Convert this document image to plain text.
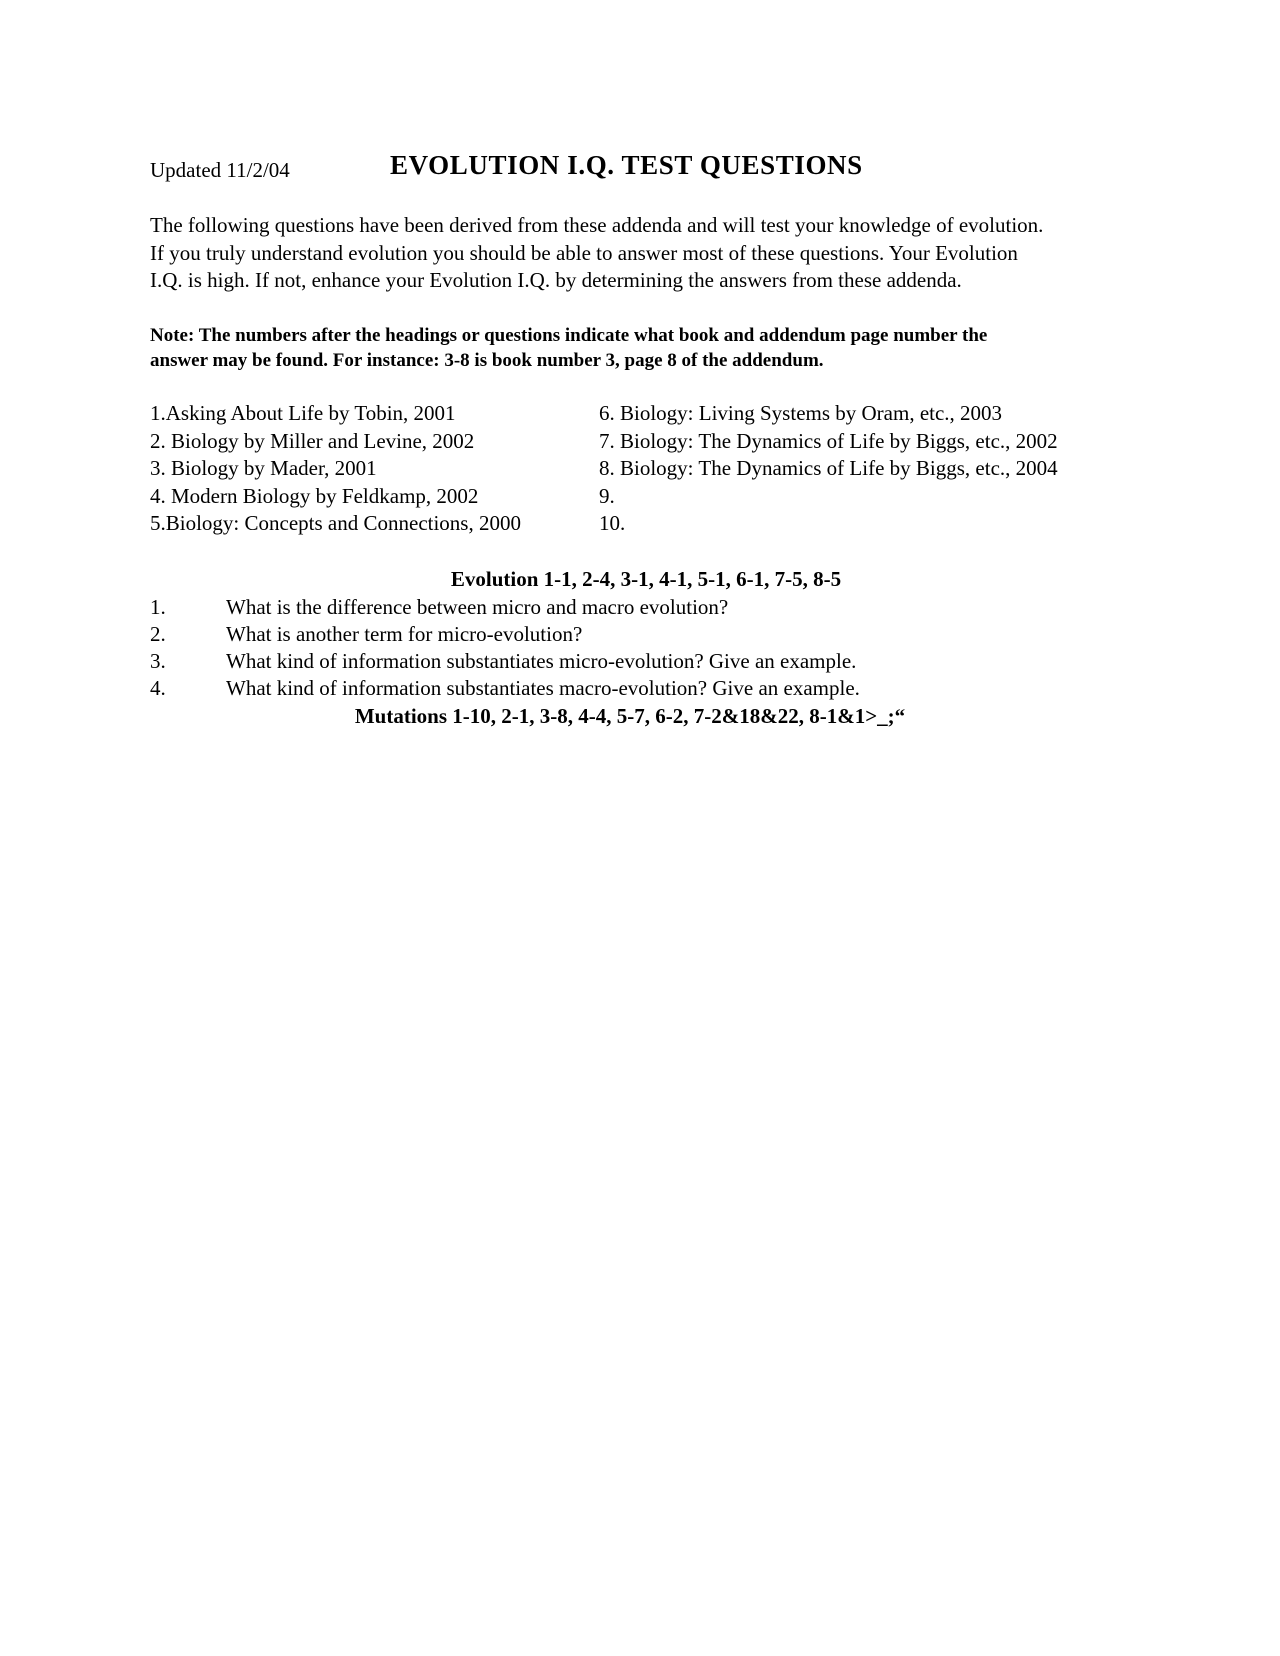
Updated 11/2/04	EVOLUTION I.Q. TEST QUESTIONS
The following questions have been derived from these addenda and will test your knowledge of evolution.
If you truly understand evolution you should be able to answer most of these questions. Your Evolution
I.Q. is high. If not, enhance your Evolution I.Q. by determining the answers from these addenda.
Note: The numbers after the headings or questions indicate what book and addendum page number the
answer may be found. For instance: 3-8 is book number 3, page 8 of the addendum.
1.Asking About Life by Tobin, 2001
2. Biology by Miller and Levine, 2002
3. Biology by Mader, 2001
4. Modern Biology by Feldkamp, 2002
5.Biology: Concepts and Connections, 2000
6. Biology: Living Systems by Oram, etc., 2003
7. Biology: The Dynamics of Life by Biggs, etc., 2002
8. Biology: The Dynamics of Life by Biggs, etc., 2004
9.
10.
Evolution 1-1, 2-4, 3-1, 4-1, 5-1, 6-1, 7-5, 8-5
1.	What is the difference between micro and macro evolution?
2.	What is another term for micro-evolution?
3.	What kind of information substantiates micro-evolution? Give an example.
4.	What kind of information substantiates macro-evolution? Give an example.
Mutations 1-10, 2-1, 3-8, 4-4, 5-7, 6-2, 7-2&18&22, 8-1&1>_;“
